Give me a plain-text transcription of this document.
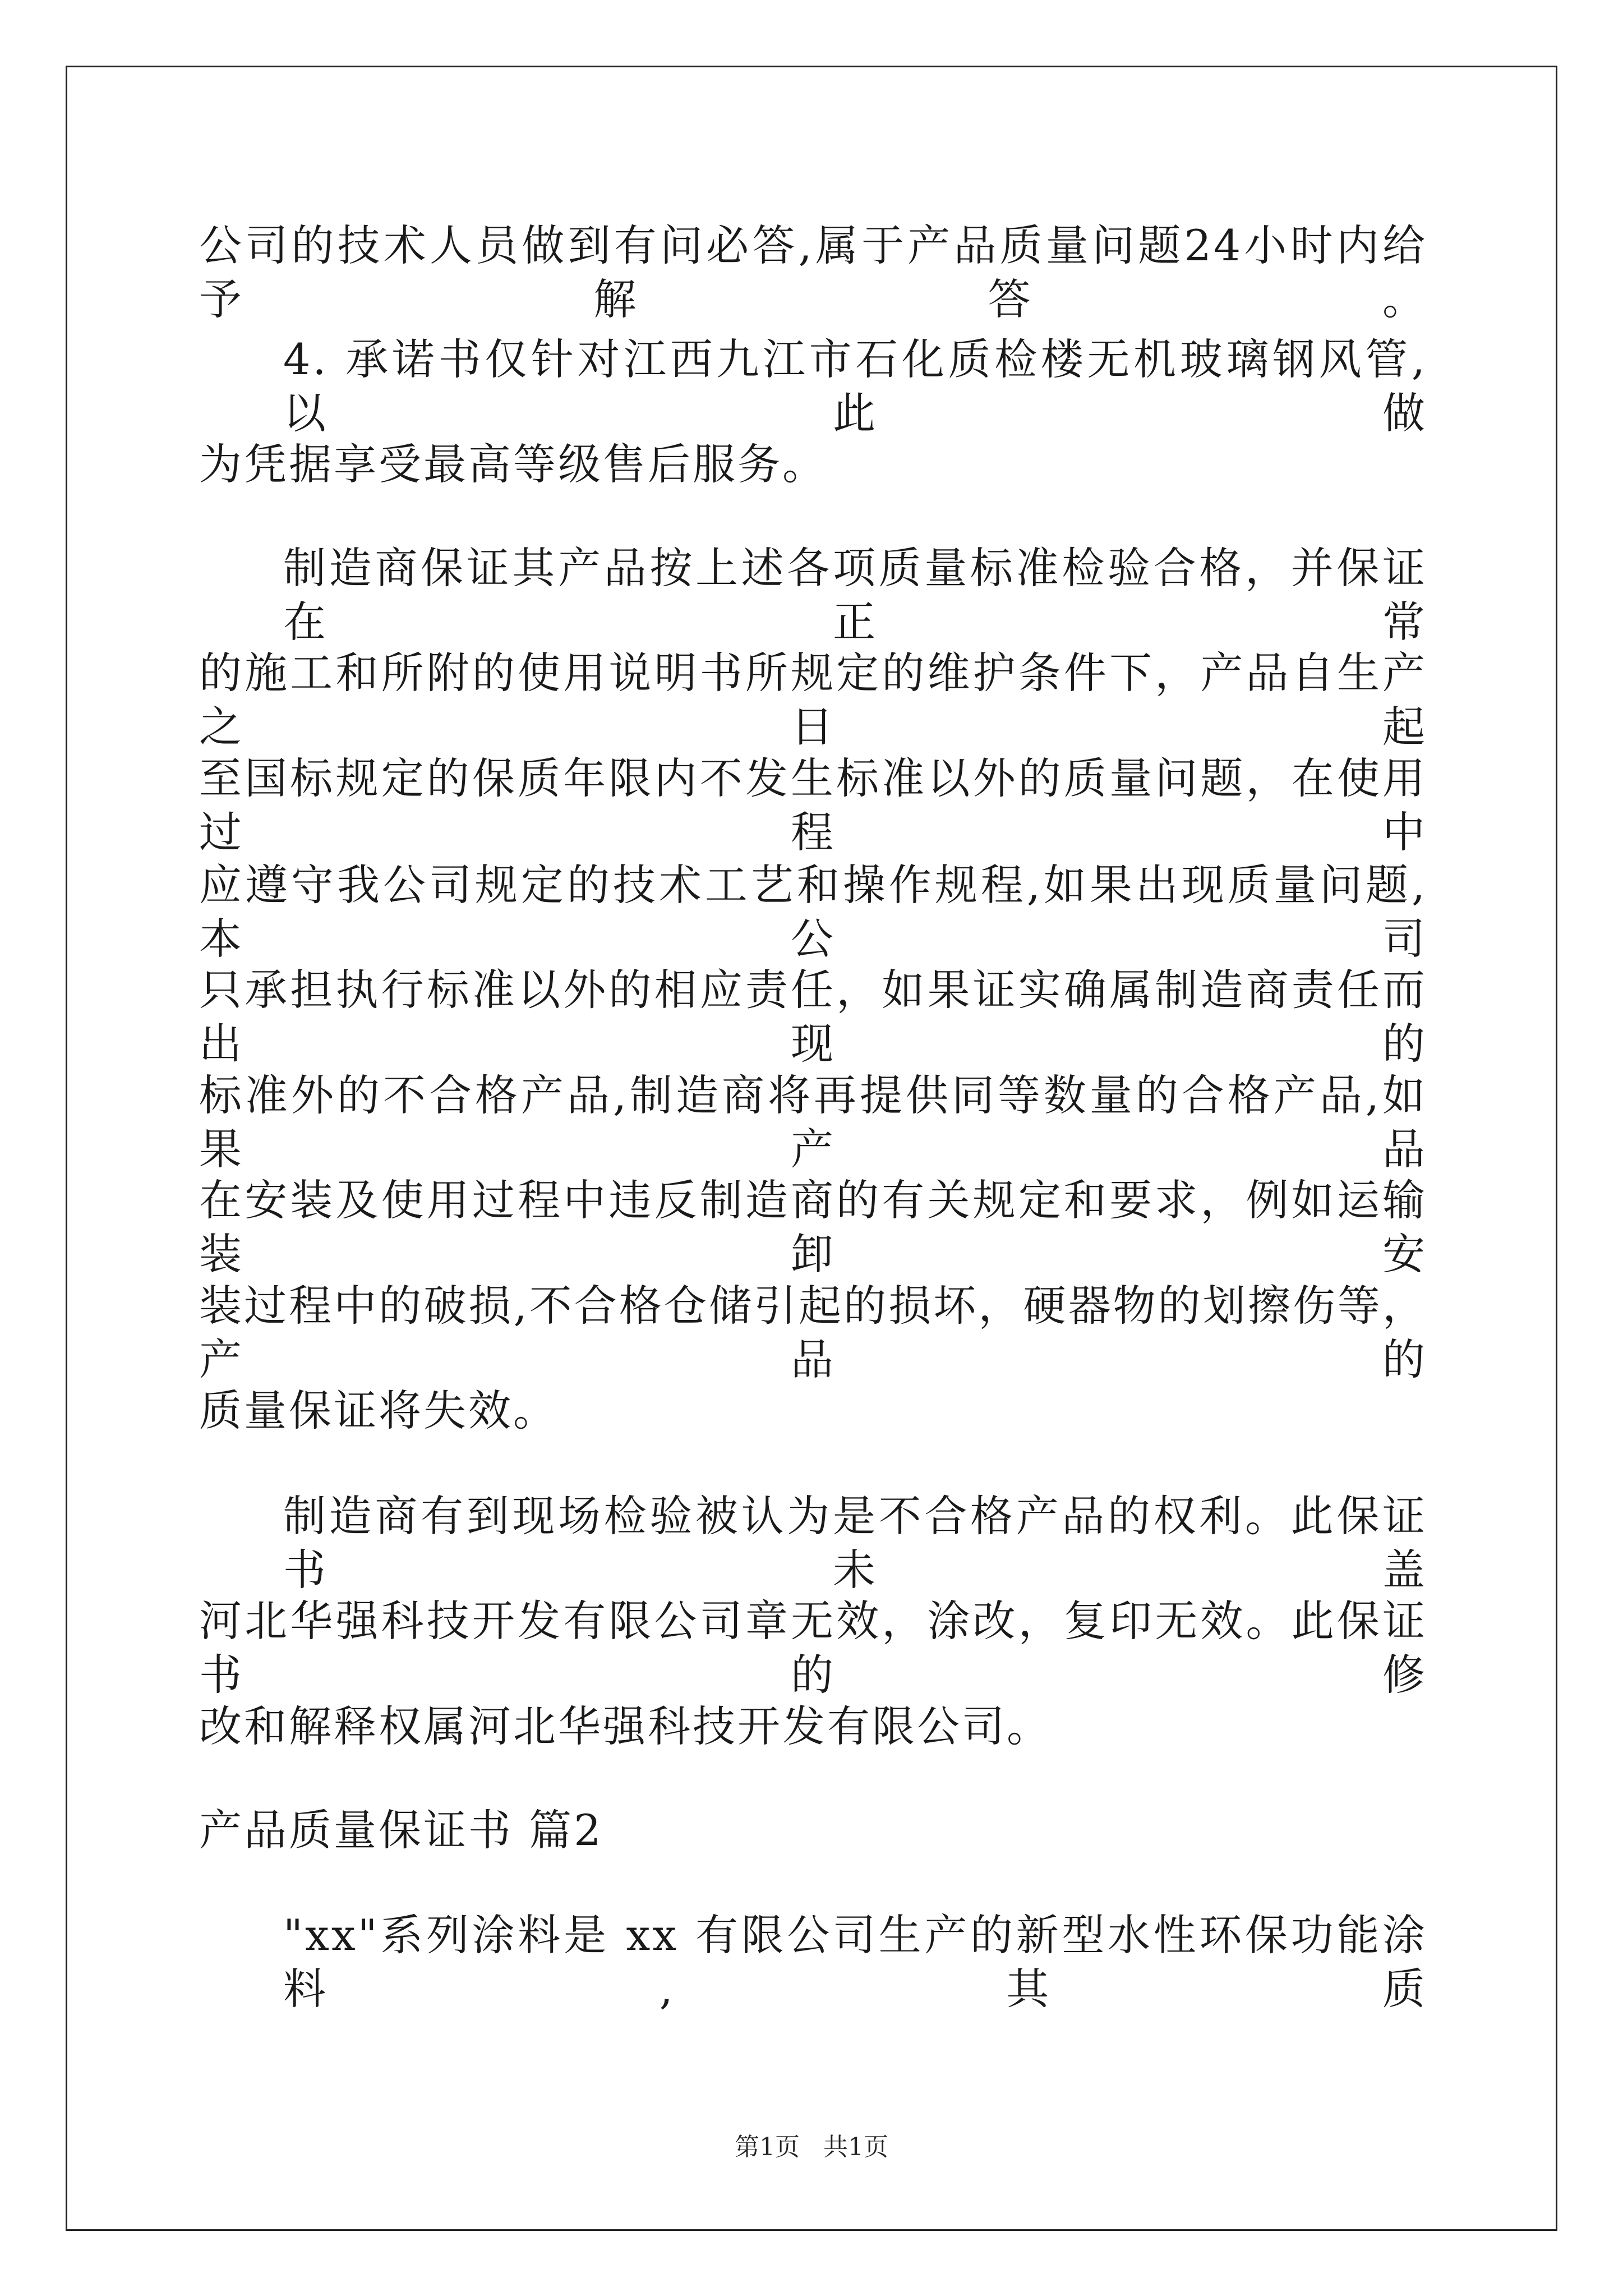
公司的技术人员做到有问必答,属于产品质量问题24小时内给予解答。
4. 承诺书仅针对江西九江市石化质检楼无机玻璃钢风管,以此做
为凭据享受最高等级售后服务。
制造商保证其产品按上述各项质量标准检验合格，并保证在正常
的施工和所附的使用说明书所规定的维护条件下，产品自生产之日起
至国标规定的保质年限内不发生标准以外的质量问题，在使用过程中
应遵守我公司规定的技术工艺和操作规程,如果出现质量问题,本公司
只承担执行标准以外的相应责任，如果证实确属制造商责任而出现的
标准外的不合格产品,制造商将再提供同等数量的合格产品,如果产品
在安装及使用过程中违反制造商的有关规定和要求，例如运输装卸安
装过程中的破损,不合格仓储引起的损坏，硬器物的划擦伤等，产品的
质量保证将失效。
制造商有到现场检验被认为是不合格产品的权利。此保证书未盖
河北华强科技开发有限公司章无效，涂改，复印无效。此保证书的修
改和解释权属河北华强科技开发有限公司。
产品质量保证书 篇2
"xx"系列涂料是 xx 有限公司生产的新型水性环保功能涂料,其质
第1页   共1页
